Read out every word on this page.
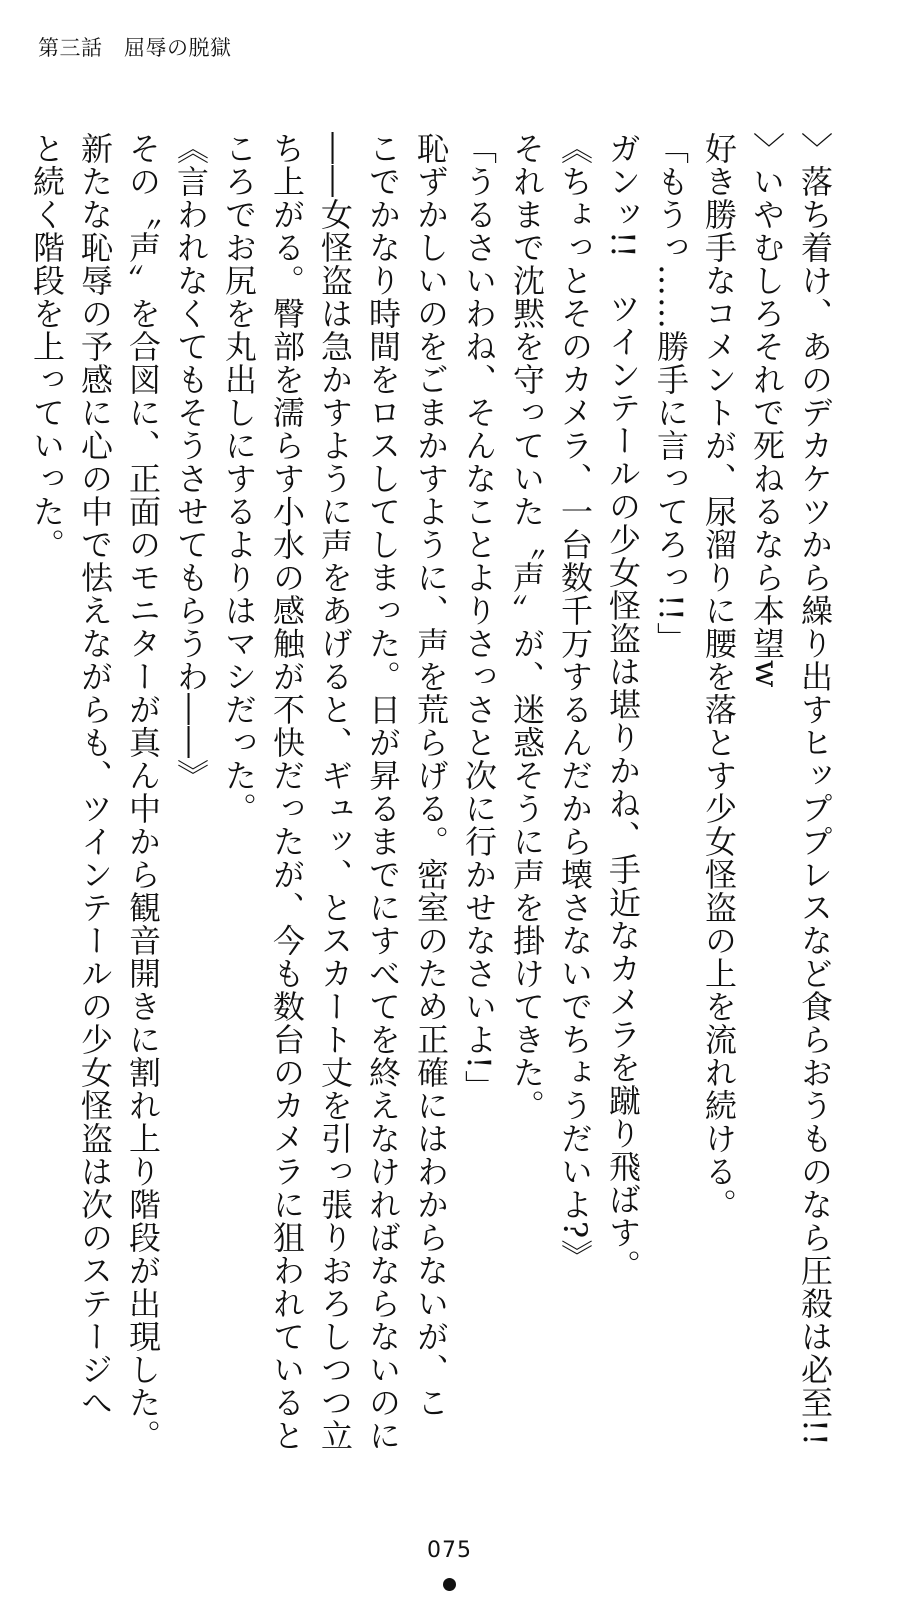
第三話　屈辱の脱獄
〉落ち着け、あのデカケツから繰り出すヒッププレスなど食らおうものなら圧殺は必至!!
〉いやむしろそれで死ねるなら本望w
好き勝手なコメントが、尿溜りに腰を落とす少女怪盗の上を流れ続ける。
「もうっ……勝手に言ってろっ!!」
ガンッ!!　ツインテールの少女怪盗は堪りかね、手近なカメラを蹴り飛ばす。
《ちょっとそのカメラ、一台数千万するんだから壊さないでちょうだいよ?》
それまで沈黙を守っていた〝声〟が、迷惑そうに声を掛けてきた。
「うるさいわね、そんなことよりさっさと次に行かせなさいよ!」
恥ずかしいのをごまかすように、声を荒らげる。密室のため正確にはわからないが、こ
こでかなり時間をロスしてしまった。日が昇るまでにすべてを終えなければならないのに
――女怪盗は急かすように声をあげると、ギュッ、とスカート丈を引っ張りおろしつつ立
ち上がる。臀部を濡らす小水の感触が不快だったが、今も数台のカメラに狙われていると
ころでお尻を丸出しにするよりはマシだった。
《言われなくてもそうさせてもらうわ――》
その〝声〟を合図に、正面のモニターが真ん中から観音開きに割れ上り階段が出現した。
新たな恥辱の予感に心の中で怯えながらも、ツインテールの少女怪盗は次のステージへ
と続く階段を上っていった。
075
